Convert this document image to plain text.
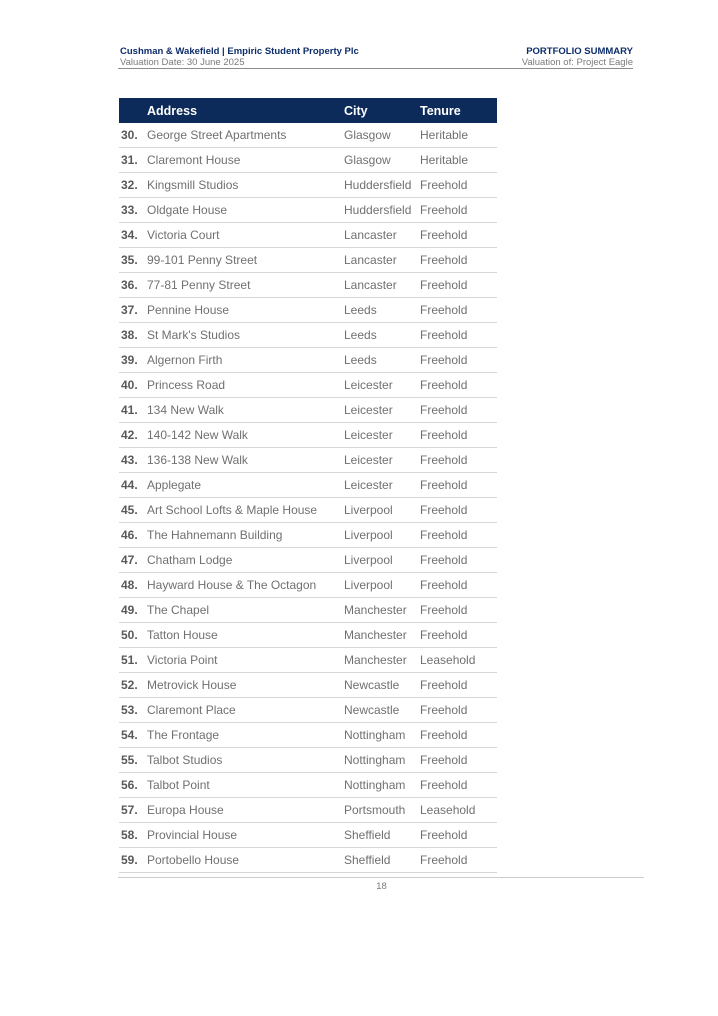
Cushman & Wakefield | Empiric Student Property Plc
Valuation Date: 30 June 2025
PORTFOLIO SUMMARY
Valuation of: Project Eagle
Address	City	Tenure

30. George Street Apartments	Glasgow	Heritable

31. Claremont House	Glasgow	Heritable

32. Kingsmill Studios	Huddersfield	Freehold

33. Oldgate House	Huddersfield	Freehold

34. Victoria Court	Lancaster	Freehold

35. 99-101 Penny Street	Lancaster	Freehold

36. 77-81 Penny Street	Lancaster	Freehold

37. Pennine House	Leeds	Freehold

38. St Mark's Studios	Leeds	Freehold

39. Algernon Firth	Leeds	Freehold

40. Princess Road	Leicester	Freehold

41. 134 New Walk	Leicester	Freehold

42. 140-142 New Walk	Leicester	Freehold

43. 136-138 New Walk	Leicester	Freehold

44. Applegate	Leicester	Freehold

45. Art School Lofts & Maple House	Liverpool	Freehold

46. The Hahnemann Building	Liverpool	Freehold

47. Chatham Lodge	Liverpool	Freehold

48. Hayward House & The Octagon	Liverpool	Freehold

49. The Chapel	Manchester	Freehold

50. Tatton House	Manchester	Freehold

51. Victoria Point	Manchester	Leasehold

52. Metrovick House	Newcastle	Freehold

53. Claremont Place	Newcastle	Freehold

54. The Frontage	Nottingham	Freehold

55. Talbot Studios	Nottingham	Freehold

56. Talbot Point	Nottingham	Freehold

57. Europa House	Portsmouth	Leasehold

58. Provincial House	Sheffield	Freehold

59. Portobello House	Sheffield	Freehold
18
